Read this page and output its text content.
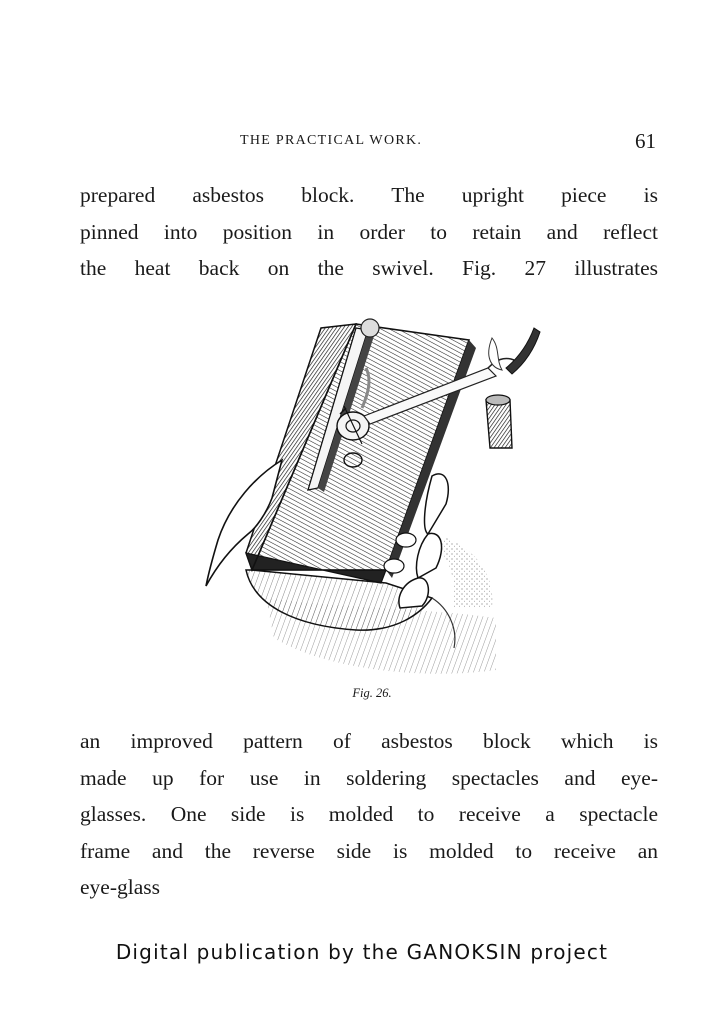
THE PRACTICAL WORK.	61
prepared asbestos block. The upright piece is
pinned into position in order to retain and reflect
the heat back on the swivel. Fig. 27 illustrates
Fig. 26.
an improved pattern of asbestos block which is
made up for use in soldering spectacles and eye-
glasses. One side is molded to receive a spectacle
frame and the reverse side is molded to receive an
eye-glass
Digital publication by the GANOKSIN project
